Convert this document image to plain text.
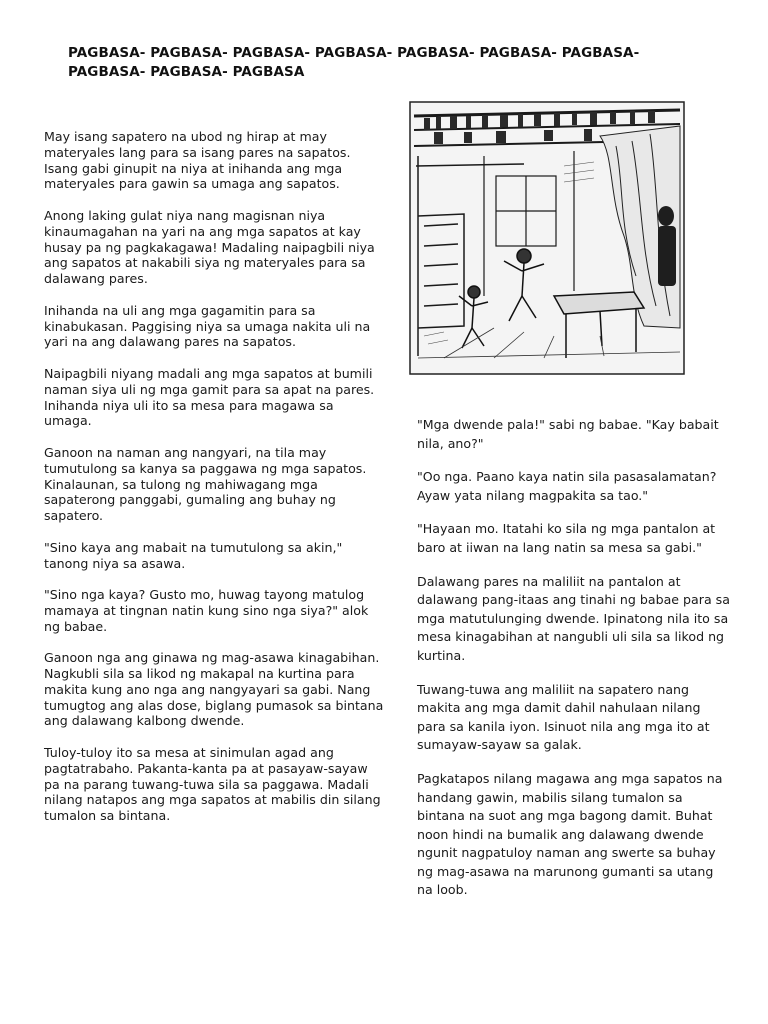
PAGBASA- PAGBASA- PAGBASA- PAGBASA- PAGBASA- PAGBASA- PAGBASA- PAGBASA- PAGBASA- PAGBASA

May isang sapatero na ubod ng hirap at may materyales lang para sa isang pares na sapatos. Isang gabi ginupit na niya at inihanda ang mga materyales para gawin sa umaga ang sapatos.

Anong laking gulat niya nang magisnan niya kinaumagahan na yari na ang mga sapatos at kay husay pa ng pagkakagawa! Madaling naipagbili niya ang sapatos at nakabili siya ng materyales para sa dalawang pares.

Inihanda na uli ang mga gagamitin para sa kinabukasan. Paggising niya sa umaga nakita uli na yari na ang dalawang pares na sapatos.

Naipagbili niyang madali ang mga sapatos at bumili naman siya uli ng mga gamit para sa apat na pares. Inihanda niya uli ito sa mesa para magawa sa umaga.

Ganoon na naman ang nangyari, na tila may tumutulong sa kanya sa paggawa ng mga sapatos. Kinalaunan, sa tulong ng mahiwagang mga sapaterong panggabi, gumaling ang buhay ng sapatero.

"Sino kaya ang mabait na tumutulong sa akin," tanong niya sa asawa.

"Sino nga kaya? Gusto mo, huwag tayong matulog mamaya at tingnan natin kung sino nga siya?" alok ng babae.

Ganoon nga ang ginawa ng mag-asawa kinagabihan. Nagkubli sila sa likod ng makapal na kurtina para makita kung ano nga ang nangyayari sa gabi. Nang tumugtog ang alas dose, biglang pumasok sa bintana ang dalawang kalbong dwende.

Tuloy-tuloy ito sa mesa at sinimulan agad ang pagtatrabaho. Pakanta-kanta pa at pasayaw-sayaw pa na parang tuwang-tuwa sila sa paggawa. Madali nilang natapos ang mga sapatos at mabilis din silang tumalon sa bintana.

"Mga dwende pala!" sabi ng babae. "Kay babait nila, ano?"

"Oo nga. Paano kaya natin sila pasasalamatan? Ayaw yata nilang magpakita sa tao."

"Hayaan mo. Itatahi ko sila ng mga pantalon at baro at iiwan na lang natin sa mesa sa gabi."

Dalawang pares na maliliit na pantalon at dalawang pang-itaas ang tinahi ng babae para sa mga matutulunging dwende. Ipinatong nila ito sa mesa kinagabihan at nangubli uli sila sa likod ng kurtina.

Tuwang-tuwa ang maliliit na sapatero nang makita ang mga damit dahil nahulaan nilang para sa kanila iyon. Isinuot nila ang mga ito at sumayaw-sayaw sa galak.

Pagkatapos nilang magawa ang mga sapatos na handang gawin, mabilis silang tumalon sa bintana na suot ang mga bagong damit. Buhat noon hindi na bumalik ang dalawang dwende ngunit nagpatuloy naman ang swerte sa buhay ng mag-asawa na marunong gumanti sa utang na loob.
